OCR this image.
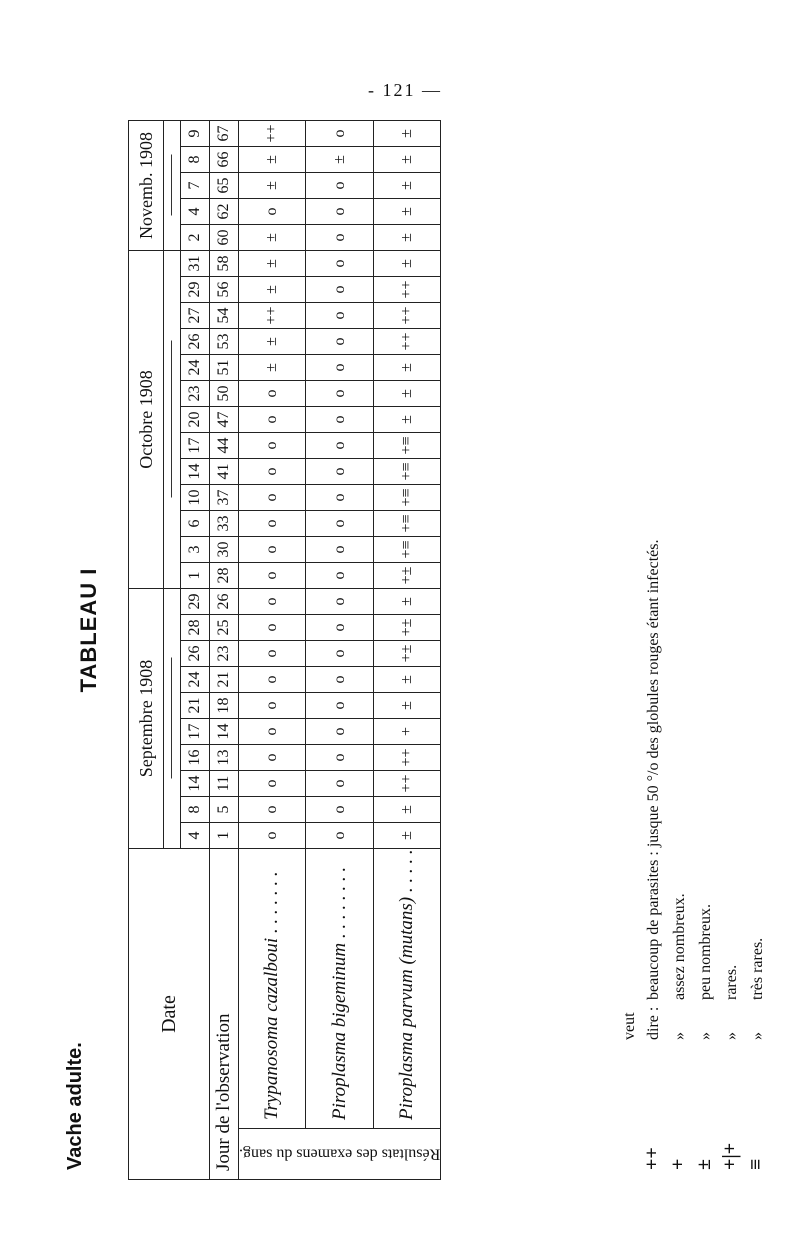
- 121 —
Vache adulte.
TABLEAU I
Date		Septembre 1908										Octobre 1908													Novemb. 1908				
		⎯⎯⎯⎯⎯⎯⎯⎯⎯⎯⎯⎯⎯⎯⎯⎯⎯⎯⎯⎯										⎯⎯⎯⎯⎯⎯⎯⎯⎯⎯⎯⎯⎯⎯⎯⎯⎯⎯⎯⎯⎯⎯⎯⎯⎯⎯													⎯⎯⎯⎯⎯⎯⎯⎯⎯⎯				
		4	8	14	16	17	21	24	26	28	29	1	3	6	10	14	17	20	23	24	26	27	29	31	2	4	7	8	9
Jour de l'observation		1	5	11	13	14	18	21	23	25	26	28	30	33	37	41	44	47	50	51	53	54	56	58	60	62	65	66	67
Résultats des examens du sang.	Trypanosoma cazalboui . . . . . . .	o	o	o	o	o	o	o	o	o	o	o	o	o	o	o	o	o	o	±	±	++	±	±	±	o	±	±	++
	Piroplasma bigeminum . . . . . . . .	o	o	o	o	o	o	o	o	o	o	o	o	o	o	o	o	o	o	o	o	o	o	o	o	o	o	±	o
	Piroplasma parvum (mutans) . . . . .	±	±	++	++	+	±	±	+±	+±	±	+±	+≡	+≡	+≡	+≡	+≡	±	±	±	++	++	++	±	±	±	±	±	±
++veut dire :beaucoup de parasites : jusque 50 °/o des globules rouges étant infectés.
+»assez nombreux.
±»peu nombreux.
+|+»rares.
≡»très rares.
